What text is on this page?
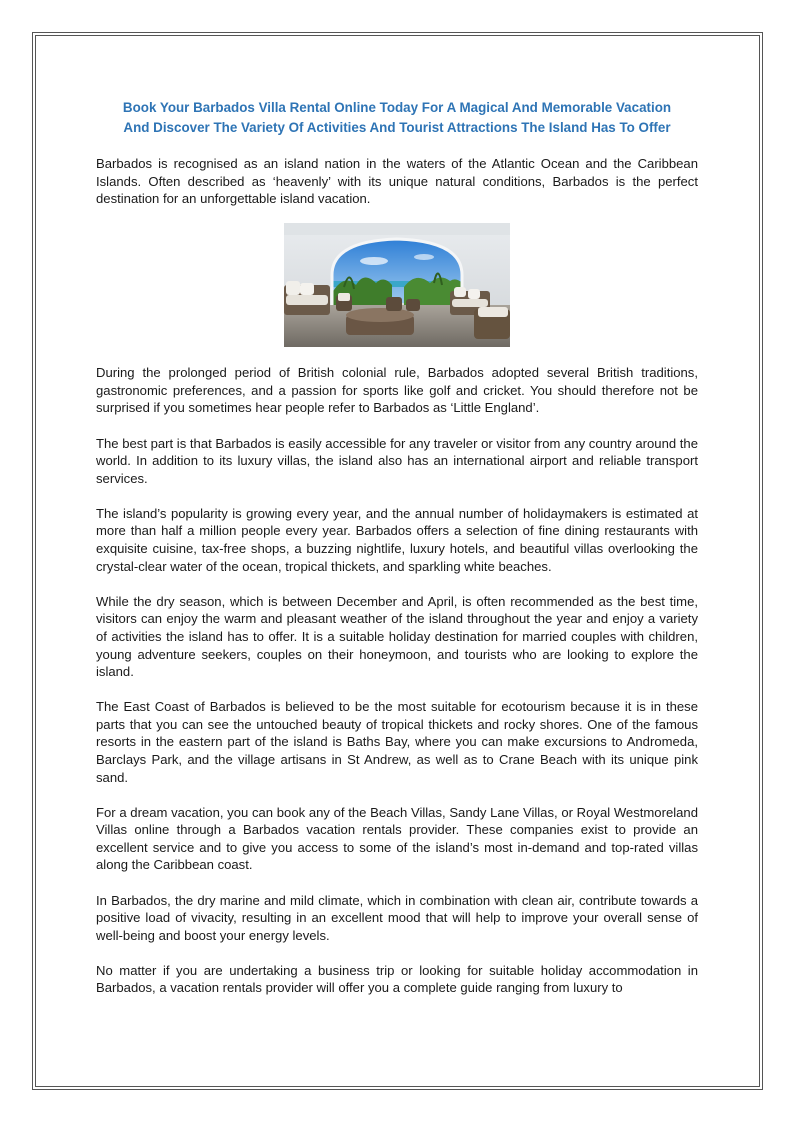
Book Your Barbados Villa Rental Online Today For A Magical And Memorable Vacation
And Discover The Variety Of Activities And Tourist Attractions The Island Has To Offer

Barbados is recognised as an island nation in the waters of the Atlantic Ocean and the Caribbean Islands. Often described as ‘heavenly’ with its unique natural conditions, Barbados is the perfect destination for an unforgettable island vacation.

During the prolonged period of British colonial rule, Barbados adopted several British traditions, gastronomic preferences, and a passion for sports like golf and cricket. You should therefore not be surprised if you sometimes hear people refer to Barbados as ‘Little England’.

The best part is that Barbados is easily accessible for any traveler or visitor from any country around the world. In addition to its luxury villas, the island also has an international airport and reliable transport services.

The island’s popularity is growing every year, and the annual number of holidaymakers is estimated at more than half a million people every year. Barbados offers a selection of fine dining restaurants with exquisite cuisine, tax-free shops, a buzzing nightlife, luxury hotels, and beautiful villas overlooking the crystal-clear water of the ocean, tropical thickets, and sparkling white beaches.

While the dry season, which is between December and April, is often recommended as the best time, visitors can enjoy the warm and pleasant weather of the island throughout the year and enjoy a variety of activities the island has to offer. It is a suitable holiday destination for married couples with children, young adventure seekers, couples on their honeymoon, and tourists who are looking to explore the island.

The East Coast of Barbados is believed to be the most suitable for ecotourism because it is in these parts that you can see the untouched beauty of tropical thickets and rocky shores. One of the famous resorts in the eastern part of the island is Baths Bay, where you can make excursions to Andromeda, Barclays Park, and the village artisans in St Andrew, as well as to Crane Beach with its unique pink sand.

For a dream vacation, you can book any of the Beach Villas, Sandy Lane Villas, or Royal Westmoreland Villas online through a Barbados vacation rentals provider. These companies exist to provide an excellent service and to give you access to some of the island’s most in-demand and top-rated villas along the Caribbean coast.

In Barbados, the dry marine and mild climate, which in combination with clean air, contribute towards a positive load of vivacity, resulting in an excellent mood that will help to improve your overall sense of well-being and boost your energy levels.

No matter if you are undertaking a business trip or looking for suitable holiday accommodation in Barbados, a vacation rentals provider will offer you a complete guide ranging from luxury to
